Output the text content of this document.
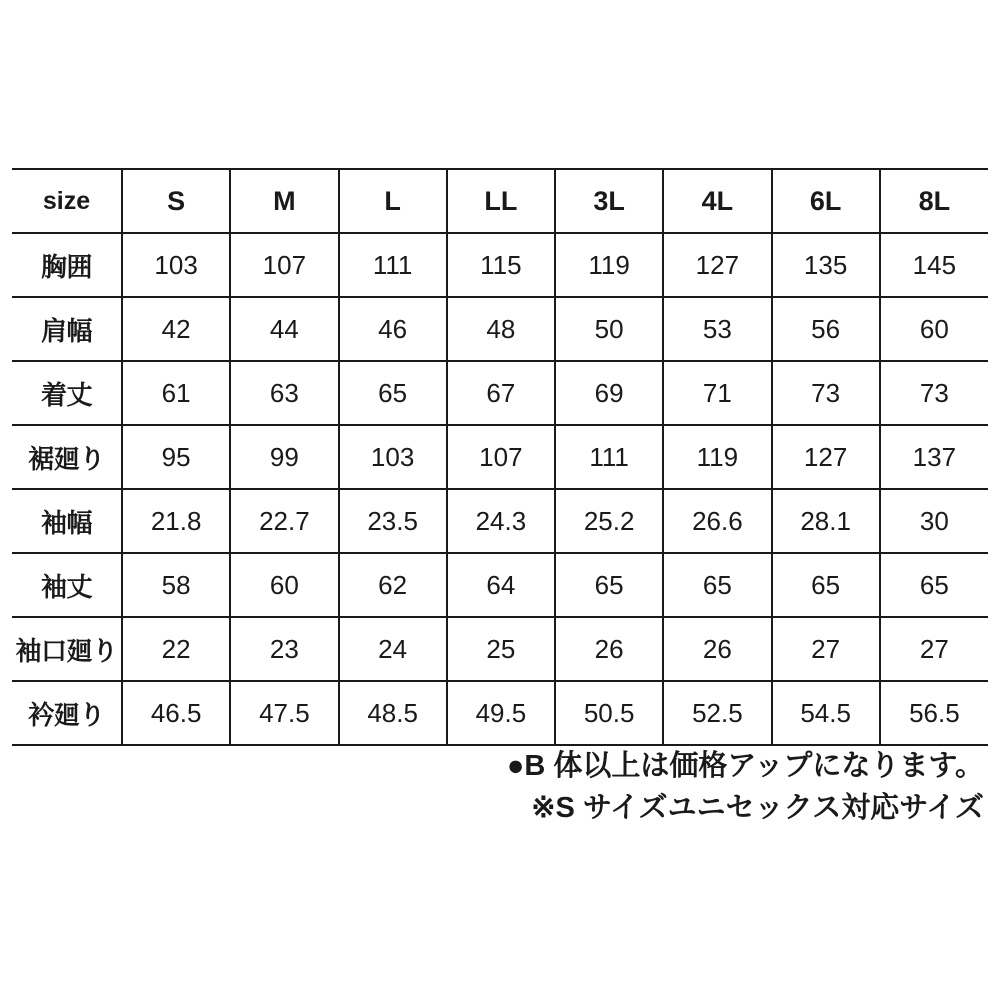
size	S	M	L	LL	3L	4L	6L	8L
胸囲	103	107	111	115	119	127	135	145
肩幅	42	44	46	48	50	53	56	60
着丈	61	63	65	67	69	71	73	73
裾廻り	95	99	103	107	111	119	127	137
袖幅	21.8	22.7	23.5	24.3	25.2	26.6	28.1	30
袖丈	58	60	62	64	65	65	65	65
袖口廻り	22	23	24	25	26	26	27	27
衿廻り	46.5	47.5	48.5	49.5	50.5	52.5	54.5	56.5
●B 体以上は価格アップになります。
※S サイズユニセックス対応サイズ
